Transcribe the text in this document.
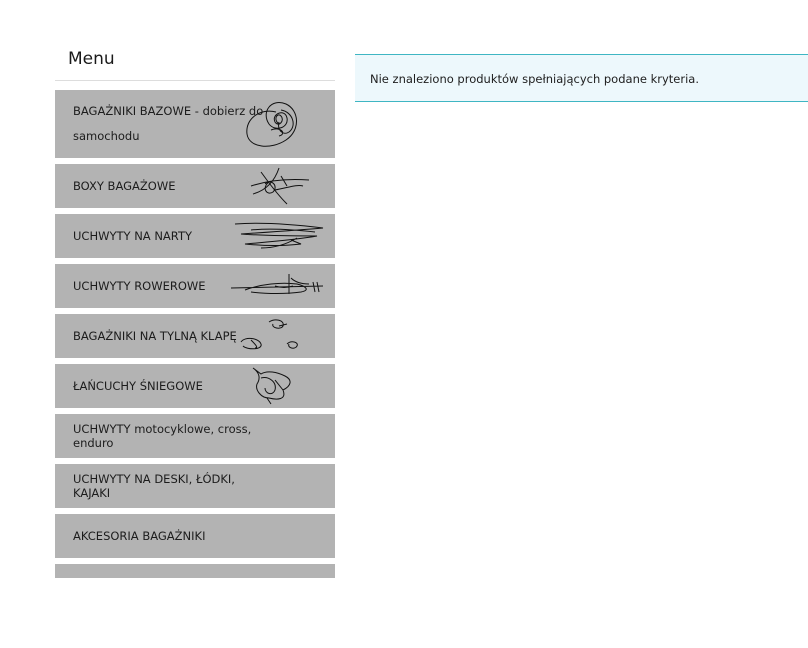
Menu
BAGAŻNIKI BAZOWE - dobierz do samochodu
BOXY BAGAŻOWE
UCHWYTY NA NARTY
UCHWYTY ROWEROWE
BAGAŻNIKI NA TYLNĄ KLAPĘ
ŁAŃCUCHY ŚNIEGOWE
UCHWYTY motocyklowe, cross, enduro
UCHWYTY NA DESKI, ŁÓDKI, KAJAKI
AKCESORIA BAGAŻNIKI
Nie znaleziono produktów spełniających podane kryteria.
